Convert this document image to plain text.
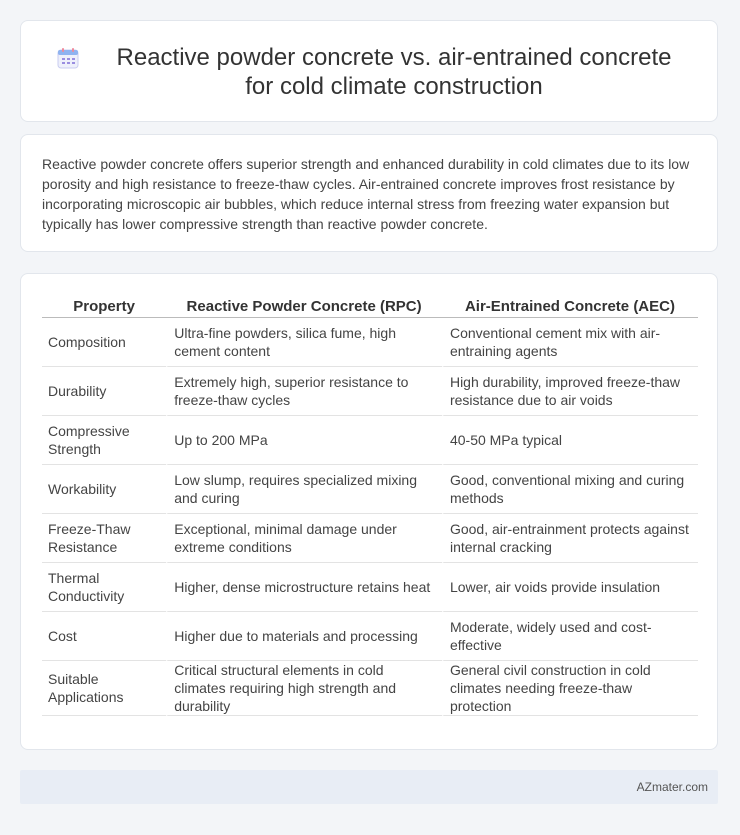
Reactive powder concrete vs. air-entrained concrete for cold climate construction
Reactive powder concrete offers superior strength and enhanced durability in cold climates due to its low porosity and high resistance to freeze-thaw cycles. Air-entrained concrete improves frost resistance by incorporating microscopic air bubbles, which reduce internal stress from freezing water expansion but typically has lower compressive strength than reactive powder concrete.
Property	Reactive Powder Concrete (RPC)	Air-Entrained Concrete (AEC)
Composition	Ultra-fine powders, silica fume, high cement content	Conventional cement mix with air-entraining agents
Durability	Extremely high, superior resistance to freeze-thaw cycles	High durability, improved freeze-thaw resistance due to air voids
Compressive Strength	Up to 200 MPa	40-50 MPa typical
Workability	Low slump, requires specialized mixing and curing	Good, conventional mixing and curing methods
Freeze-Thaw Resistance	Exceptional, minimal damage under extreme conditions	Good, air-entrainment protects against internal cracking
Thermal Conductivity	Higher, dense microstructure retains heat	Lower, air voids provide insulation
Cost	Higher due to materials and processing	Moderate, widely used and cost-effective
Suitable Applications	Critical structural elements in cold climates requiring high strength and durability	General civil construction in cold climates needing freeze-thaw protection
AZmater.com
